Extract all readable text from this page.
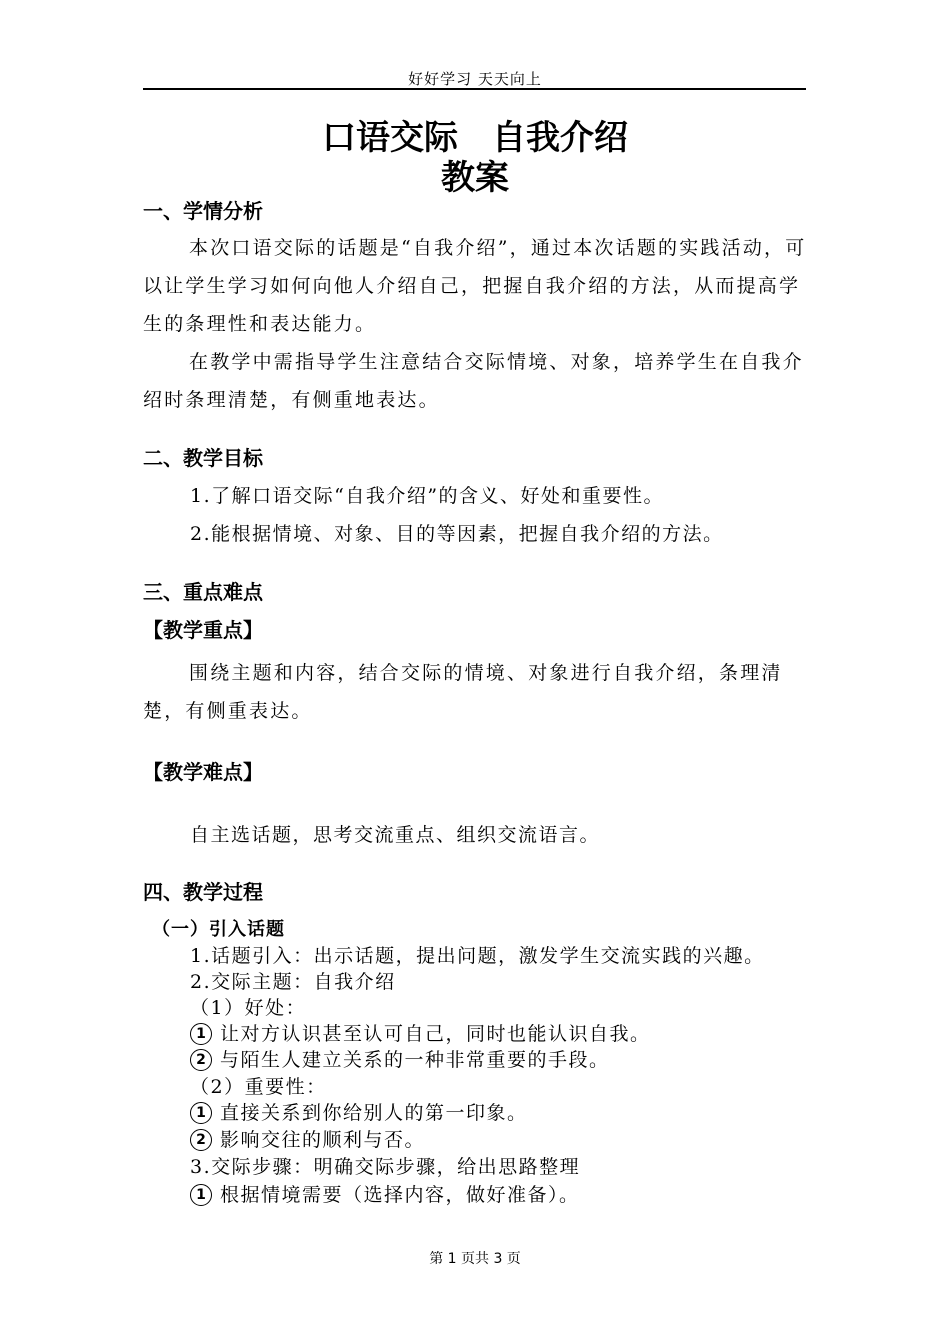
好好学习 天天向上
口语交际　自我介绍
教案
一、学情分析

本次口语交际的话题是“自我介绍”，通过本次话题的实践活动，可以让学生学习如何向他人介绍自己，把握自我介绍的方法，从而提高学生的条理性和表达能力。

在教学中需指导学生注意结合交际情境、对象，培养学生在自我介绍时条理清楚，有侧重地表达。

二、教学目标
1.了解口语交际“自我介绍”的含义、好处和重要性。
2.能根据情境、对象、目的等因素，把握自我介绍的方法。
三、重点难点
【教学重点】

围绕主题和内容，结合交际的情境、对象进行自我介绍，条理清楚，有侧重表达。

【教学难点】
自主选话题，思考交流重点、组织交流语言。
四、教学过程
（一）引入话题
1.话题引入：出示话题，提出问题，激发学生交流实践的兴趣。
2.交际主题：自我介绍
（1）好处：
1 让对方认识甚至认可自己，同时也能认识自我。
2 与陌生人建立关系的一种非常重要的手段。
（2）重要性：
1 直接关系到你给别人的第一印象。
2 影响交往的顺利与否。
3.交际步骤：明确交际步骤，给出思路整理
1 根据情境需要（选择内容，做好准备）。
第 1 页共 3 页
